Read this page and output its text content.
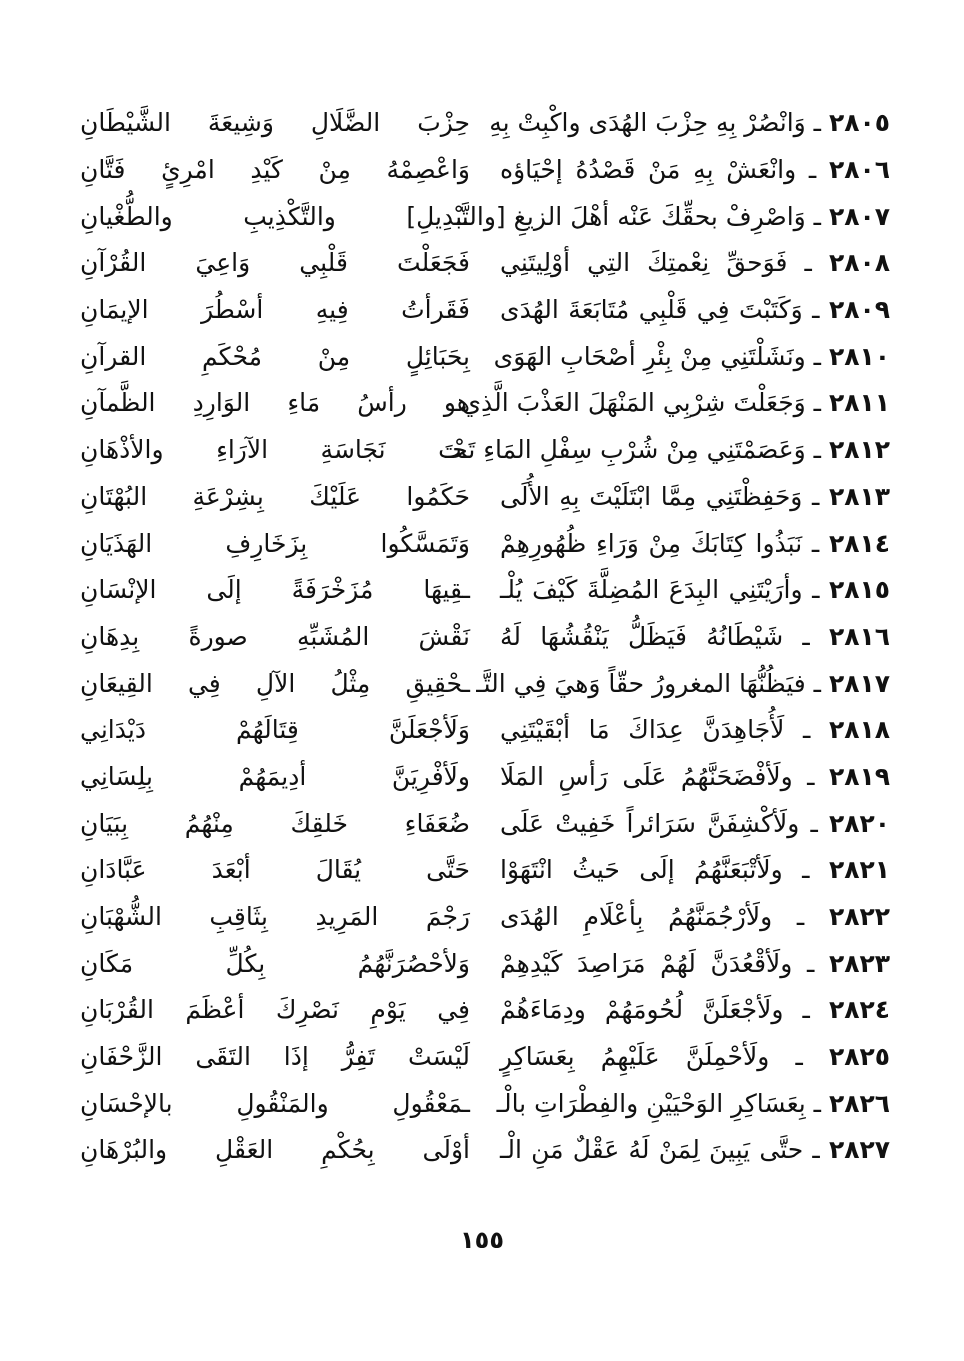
٢٨٠٥ ـ وَانْصُرْ بِهِ حِزْبَ الهُدَى واكْبِتْ بِهِ
حِزْبَ الضَّلَالِ وَشِيعَةَ الشَّيْطَانِ
٢٨٠٦ ـ وانْعَشْ بِهِ مَنْ قَصْدُهُ إحْيَاؤه
وَاعْصِمْهُ مِنْ كَيْدِ امْرِئٍ فَتَّانِ
٢٨٠٧ ـ وَاصْرِفْ بحقِّكَ عَنْه أهْلَ الزيغِ [والتَّـ
ـبْدِيلِ] والتَّكْذِيبِ والطُّغْيانِ
٢٨٠٨ ـ فَوَحقِّ نِعْمتِكَ التِي أوْلِيتَنِي
فَجَعَلْتَ قَلْبِي وَاعِيَ القُرْآنِ
٢٨٠٩ ـ وَكَتَبْتَ فِي قَلْبِي مُتَابَعَةَ الهُدَى
فَقَرأتُ فِيهِ أسْطُرَ الإيمَانِ
٢٨١٠ ـ ونَشَلْتَنِي مِنْ بِئْرِ أصْحَابِ الهَوَى
بِحَبَائِلٍ مِنْ مُحْكَمِ القرآنِ
٢٨١١ ـ وَجَعَلْتَ شِرْبِي المَنْهَلَ العَذْبَ الَّذِي
هو رأسُ مَاءِ الوَارِدِ الظَّمآنِ
٢٨١٢ ـ وَعَصَمْتَنِي مِنْ شُرْبِ سِفْلِ المَاءِ تَحْـ
ـتَ نَجَاسَةِ الآرَاءِ والأذْهَانِ
٢٨١٣ ـ وَحَفِظْتَنِي مِمَّا ابْتَلَيْتَ بِهِ الأُلَى
حَكَمُوا عَلَيْكَ بِشِرْعَةِ البُهْتَانِ
٢٨١٤ ـ نَبَذُوا كِتَابَكَ مِنْ وَرَاءِ ظُهُورِهِمْ
وَتَمَسَّكُوا بِزَخَارِفِ الهَذَيَانِ
٢٨١٥ ـ وأرَيْتَنِي البِدَعَ المُضِلَّةَ كَيْفَ يُلْـ
ـقِيهَا مُزَخْرَفَةً إلَى الإنْسَانِ
٢٨١٦ ـ شَيْطَانُهُ فَيَظَلُّ يَنْقُشُهَا لَهُ
نَقْشَ المُشَبِّهِ صورةً بِدِهَانِ
٢٨١٧ ـ فيَظُنُّهَا المغرورُ حقّاً وَهيَ فِي التَّـ
ـحْقِيقِ مِثْلُ الآلِ فِي القِيعَانِ
٢٨١٨ ـ لَأُجَاهِدَنَّ عِدَاكَ مَا أبْقَيْتَنِي
وَلَأجْعَلَنَّ قِتَالَهُمْ دَيْدَانِي
٢٨١٩ ـ ولَأفْضَحَنَّهُمُ عَلَى رَأسِ المَلَا
ولَأفْرِيَنَّ أدِيمَهُمْ بِلِسَانِي
٢٨٢٠ ـ ولَأكْشِفَنَّ سَرَائراً خَفِيتْ عَلَى
ضُعَفَاءِ خَلقِكَ مِنْهُمُ بِبَيَانِ
٢٨٢١ ـ ولَأتْبَعَنَّهُمُ إلَى حَيثُ انْتَهَوْا
حَتَّى يُقَالَ أبْعَدَ عَبَّادَانِ
٢٨٢٢ ـ ولَأرْجُمَنَّهُمُ بِأعْلَامِ الهُدَى
رَجْمَ المَرِيدِ بِثَاقِبِ الشُّهْبَانِ
٢٨٢٣ ـ ولَأقْعُدَنَّ لَهُمْ مَرَاصِدَ كَيْدِهِمْ
وَلأحْصُرَنَّهُمُ بِكُلِّ مَكَانِ
٢٨٢٤ ـ ولَأجْعَلَنَّ لُحُومَهُمْ ودِمَاءَهُمْ
فِي يَوْمِ نَصْرِكَ أعْظَمَ القُرْبَانِ
٢٨٢٥ ـ ولَأحْمِلَنَّ عَلَيْهِمُ بِعَسَاكِرٍ
لَيْسَتْ تَفِرُّ إذَا التَقَى الزَّحْفَانِ
٢٨٢٦ ـ بِعَسَاكِرِ الوَحْيَيْنِ والفِطْرَاتِ بالْـ
ـمَعْقُولِ والمَنْقُولِ بالإحْسَانِ
٢٨٢٧ ـ حتَّى يَبِينَ لِمَنْ لَهُ عَقْلٌ مَنِ الْـ
أوْلَى بِحُكْمِ العَقْلِ والبُرْهَانِ
١٥٥
